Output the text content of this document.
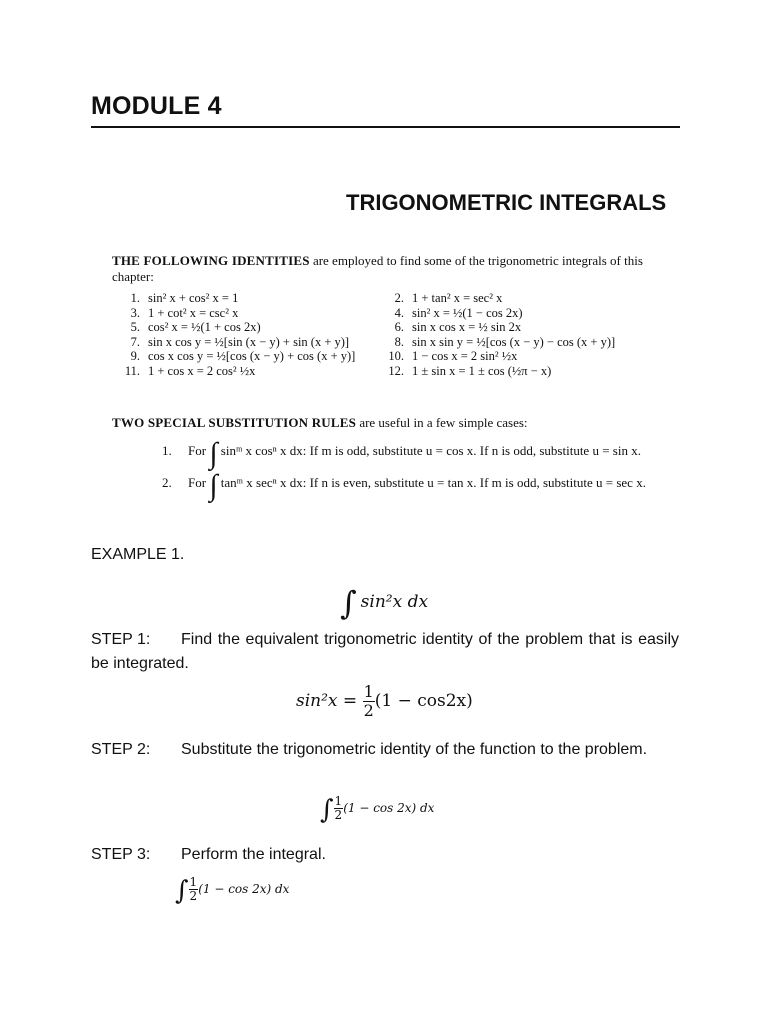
MODULE 4
TRIGONOMETRIC INTEGRALS
THE FOLLOWING IDENTITIES are employed to find some of the trigonometric integrals of this chapter:
1. sin² x + cos² x = 1
3. 1 + cot² x = csc² x
5. cos² x = ½(1 + cos 2x)
7. sin x cos y = ½[sin (x − y) + sin (x + y)]
9. cos x cos y = ½[cos (x − y) + cos (x + y)]
11. 1 + cos x = 2 cos² ½x
2. 1 + tan² x = sec² x
4. sin² x = ½(1 − cos 2x)
6. sin x cos x = ½ sin 2x
8. sin x sin y = ½[cos (x − y) − cos (x + y)]
10. 1 − cos x = 2 sin² ½x
12. 1 ± sin x = 1 ± cos (½π − x)
TWO SPECIAL SUBSTITUTION RULES are useful in a few simple cases:
1. For ∫ sinᵐ x cosⁿ x dx: If m is odd, substitute u = cos x. If n is odd, substitute u = sin x.
2. For ∫ tanᵐ x secⁿ x dx: If n is even, substitute u = tan x. If m is odd, substitute u = sec x.
EXAMPLE 1.
∫ sin²x dx
STEP 1: Find the equivalent trigonometric identity of the problem that is easily be integrated.
$\sin^2x = \frac{1}{2} (1 - \cos 2x)$
STEP 2: Substitute the trigonometric identity of the function to the problem.
∫ $\frac{1}{2} (1 - \cos 2x)$ dx
STEP 3: Perform the integral.
∫ $\frac{1}{2} (1 - \cos 2x)$ dx
